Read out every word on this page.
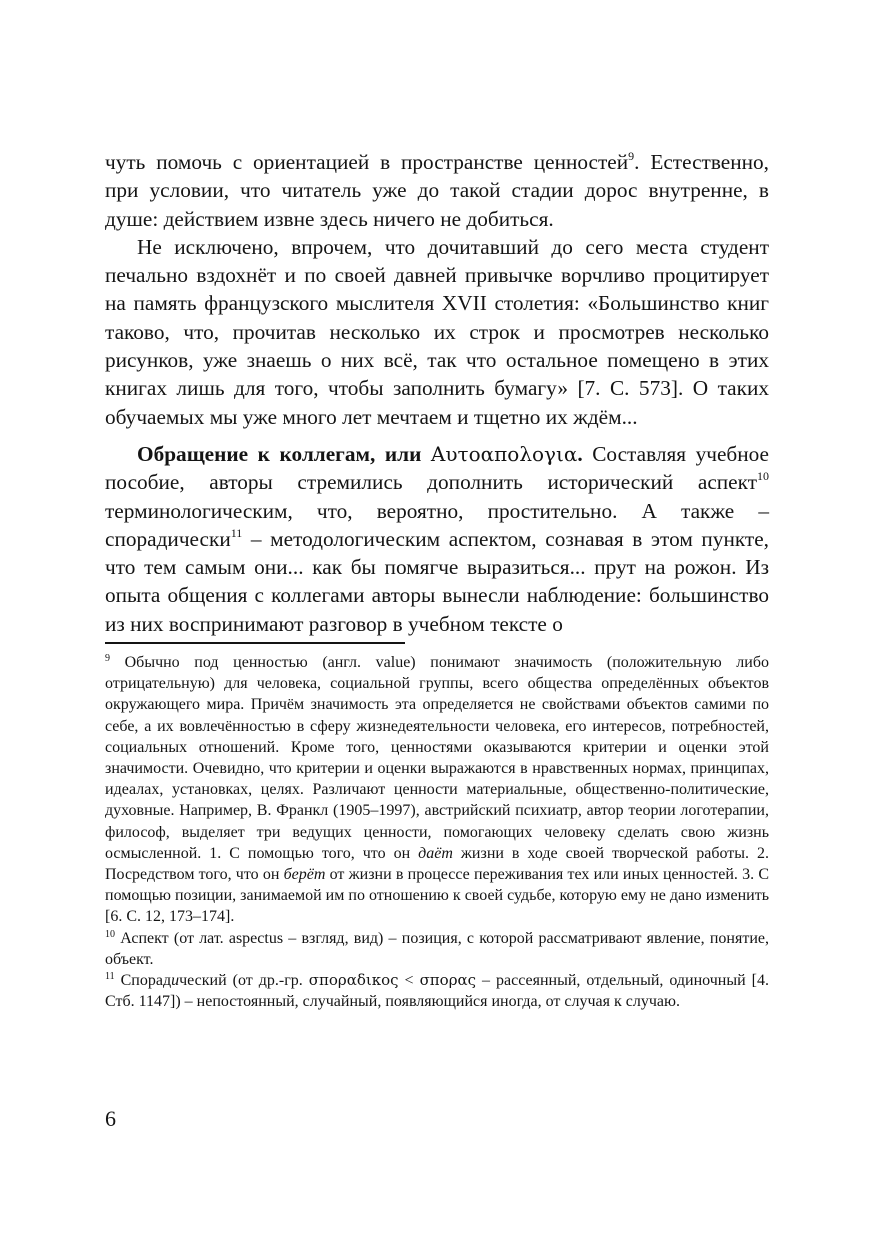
чуть помочь с ориентацией в пространстве ценностей$^9$. Естественно, при условии, что читатель уже до такой стадии дорос внутренне, в душе: действием извне здесь ничего не добиться.

Не исключено, впрочем, что дочитавший до сего места студент печально вздохнёт и по своей давней привычке ворчливо процитирует на память французского мыслителя XVII столетия: «Большинство книг таково, что, прочитав несколько их строк и просмотрев несколько рисунков, уже знаешь о них всё, так что остальное помещено в этих книгах лишь для того, чтобы заполнить бумагу» [7. С. 573]. О таких обучаемых мы уже много лет мечтаем и тщетно их ждём...

Обращение к коллегам, или Αυτοαπολογια. Составляя учебное пособие, авторы стремились дополнить исторический аспект$^{10}$ терминологическим, что, вероятно, простительно. А также – спорадически$^{11}$ – методологическим аспектом, сознавая в этом пункте, что тем самым они... как бы помягче выразиться... прут на рожон. Из опыта общения с коллегами авторы вынесли наблюдение: большинство из них воспринимают разговор в учебном тексте о

$^9$ Обычно под ценностью (англ. value) понимают значимость (положительную либо отрицательную) для человека, социальной группы, всего общества определённых объектов окружающего мира. Причём значимость эта определяется не свойствами объектов самими по себе, а их вовлечённостью в сферу жизнедеятельности человека, его интересов, потребностей, социальных отношений. Кроме того, ценностями оказываются критерии и оценки этой значимости. Очевидно, что критерии и оценки выражаются в нравственных нормах, принципах, идеалах, установках, целях. Различают ценности материальные, общественно-политические, духовные. Например, В. Франкл (1905–1997), австрийский психиатр, автор теории логотерапии, философ, выделяет три ведущих ценности, помогающих человеку сделать свою жизнь осмысленной. 1. С помощью того, что он даёт жизни в ходе своей творческой работы. 2. Посредством того, что он берёт от жизни в процессе переживания тех или иных ценностей. 3. С помощью позиции, занимаемой им по отношению к своей судьбе, которую ему не дано изменить [6. С. 12, 173–174].

$^{10}$ Аспект (от лат. aspectus – взгляд, вид) – позиция, с которой рассматривают явление, понятие, объект.

$^{11}$ Спорадический (от др.-гр. σποραδικος < σπορας – рассеянный, отдельный, одиночный [4. Стб. 1147]) – непостоянный, случайный, появляющийся иногда, от случая к случаю.

6
